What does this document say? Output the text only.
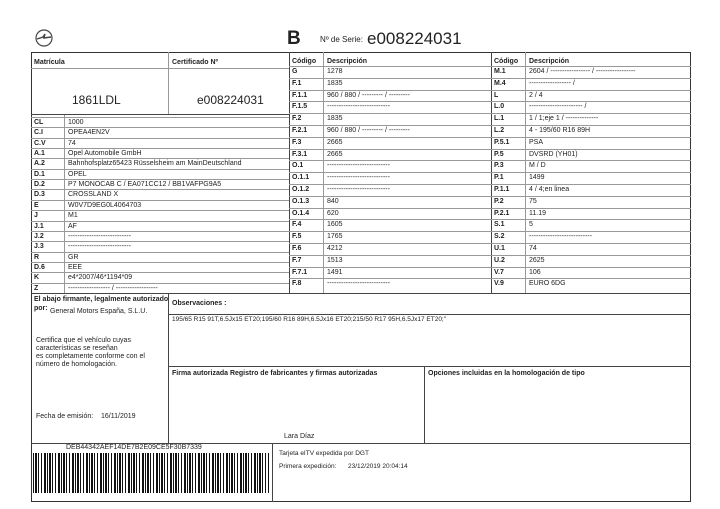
B Nº de Serie: e008224031
Matrícula	Certificado Nº
1861LDL	e008224031
CL	1000
C.I	OPEA4EN2V
C.V	74
A.1	Opel Automobile GmbH
A.2	Bahnhofsplatz65423 Rüsselsheim am MainDeutschland
D.1	OPEL
D.2	P7 MONOCAB C / EA071CC12 / BB1VAFPG9A5
D.3	CROSSLAND X
E	W0V7D9EG0L4064703
J	M1
J.1	AF
J.2	---------------------------
J.3	---------------------------
R	GR
D.6	EEE
K	e4*2007/46*1194*09
Z	------------------ / ------------------
Código Descripción
G	1278
F.1	1835
F.1.1	960 / 880 / --------- / ---------
F.1.5	---------------------------
F.2	1835
F.2.1	960 / 880 / --------- / ---------
F.3	2665
F.3.1	2665
O.1	---------------------------
O.1.1	---------------------------
O.1.2	---------------------------
O.1.3	840
O.1.4	620
F.4	1605
F.5	1765
F.6	4212
F.7	1513
F.7.1	1491
F.8	---------------------------
Código Descripción
M.1	2604 / ----------------- / -----------------
M.4	------------------ /
L	2 / 4
L.0	----------------------- /
L.1	1 / 1;eje 1 / --------------
L.2	4 - 195/60 R16 89H
P.5.1	PSA
P.5	DVSRD (YH01)
P.3	M / D
P.1	1499
P.1.1	4 / 4;en linea
P.2	75
P.2.1	11.19
S.1	5
S.2	---------------------------
U.1	74
U.2	2625
V.7	106
V.9	EURO 6DG
El abajo firmante, legalmente autorizado
por: General Motors España, S.L.U.
Certifica que el vehículo cuyas
características se reseñan
es completamente conforme con el
número de homologación.
Fecha de emisión: 16/11/2019
Observaciones :
195/65 R15 91T,6.5Jx15 ET20;195/60 R16 89H,6.5Jx16 ET20;215/50 R17 95H,6.5Jx17 ET20;"
Firma autorizada Registro de fabricantes y firmas autorizadas	Opciones incluidas en la homologación de tipo
Lara Díaz
DEB44342AEF14DE7B2E09CE5F30B7339
Tarjeta eITV expedida por DGT
Primera expedición: 23/12/2019 20:04:14
